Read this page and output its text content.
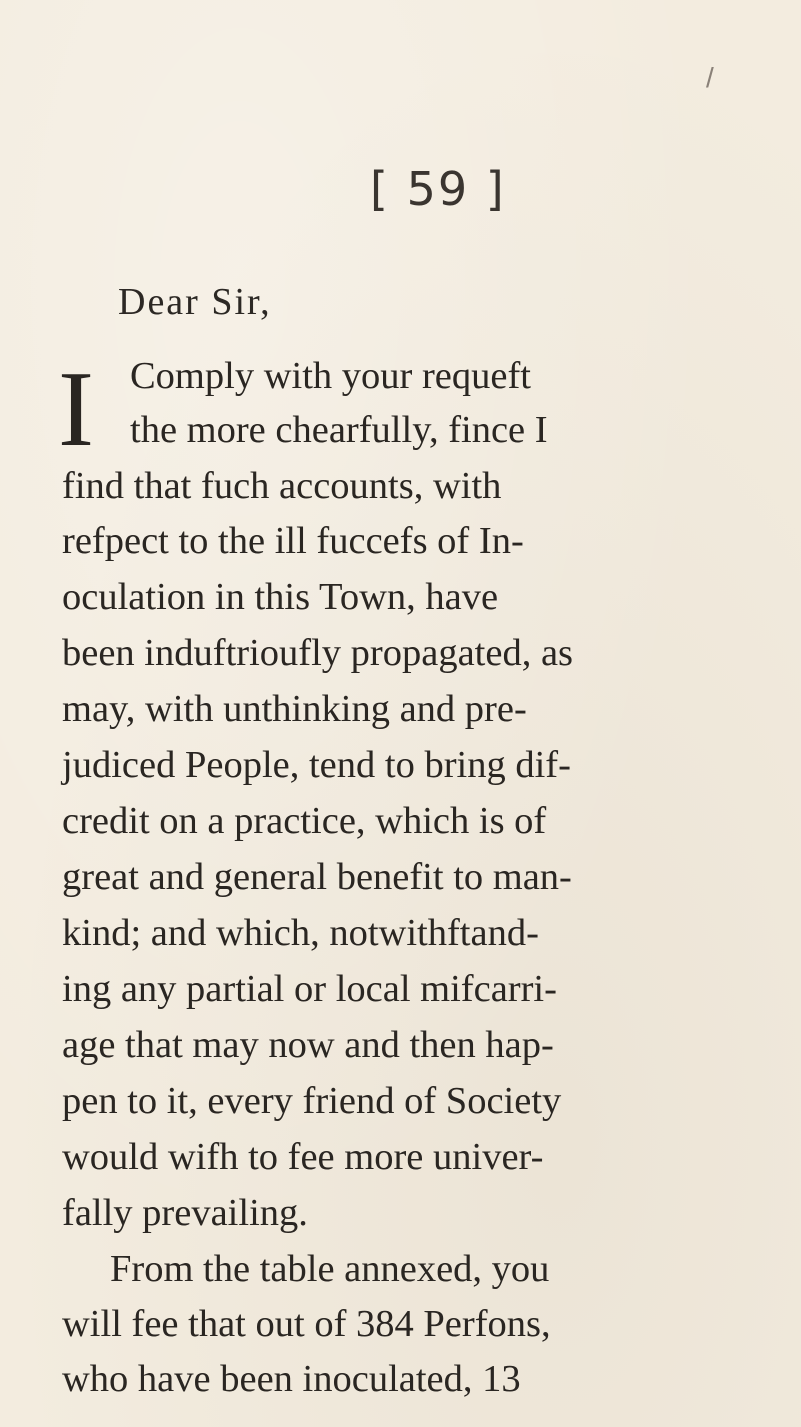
/
[ 59 ]
Dear Sir,
I Comply with your requeft
the more chearfully, fince I
find that fuch accounts, with
refpect to the ill fuccefs of In-
oculation in this Town, have
been induftrioufly propagated, as
may, with unthinking and pre-
judiced People, tend to bring dif-
credit on a practice, which is of
great and general benefit to man-
kind; and which, notwithftand-
ing any partial or local mifcarri-
age that may now and then hap-
pen to it, every friend of Society
would wifh to fee more univer-
fally prevailing.
From the table annexed, you
will fee that out of 384 Perfons,
who have been inoculated, 13
